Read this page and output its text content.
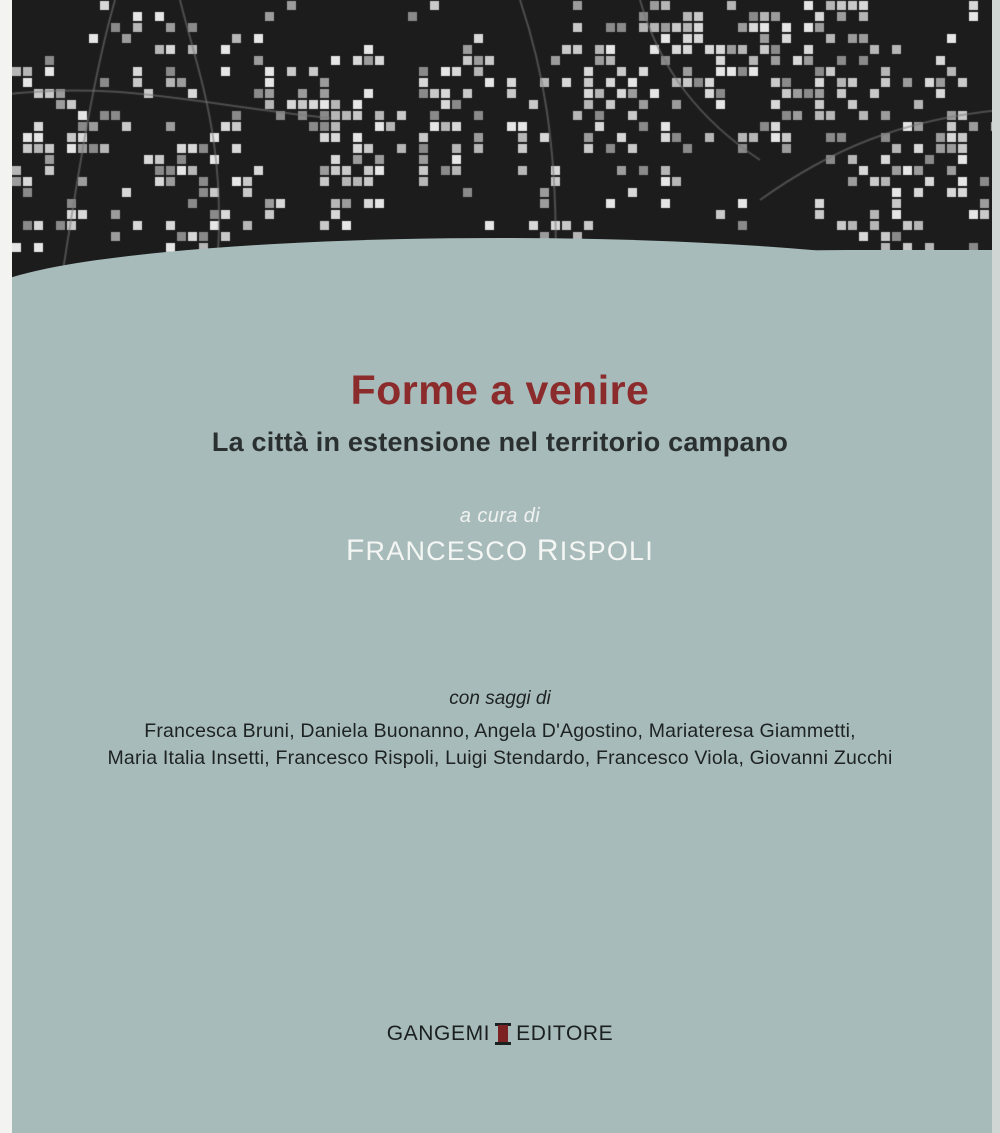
Forme a venire
La città in estensione nel territorio campano

a cura di

FRANCESCO RISPOLI

con saggi di

Francesca Bruni, Daniela Buonanno, Angela D'Agostino, Mariateresa Giammetti,

Maria Italia Insetti, Francesco Rispoli, Luigi Stendardo, Francesco Viola, Giovanni Zucchi

GANGEMI EDITORE
